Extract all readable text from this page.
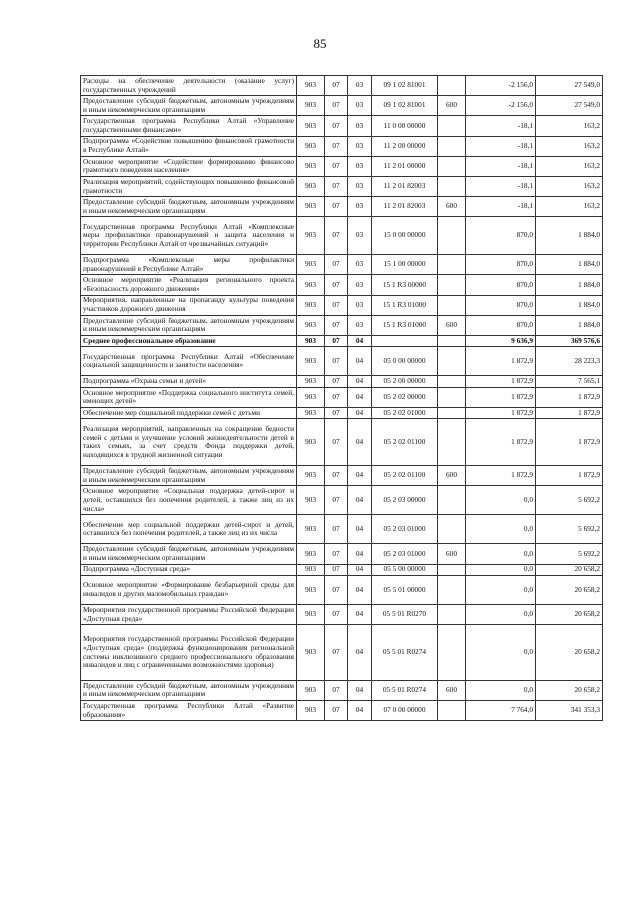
85
Расходы на обеспечение деятельности (оказание услуг) государственных учреждений	903	07	03	09 1 02 81001		-2 156,0	27 549,0
Предоставление субсидий бюджетным, автономным учреждениям и иным некоммерческим организациям	903	07	03	09 1 02 81001	600	-2 156,0	27 549,0
Государственная программа Республики Алтай «Управление государственными финансами»	903	07	03	11 0 00 00000		-18,1	163,2
Подпрограмма «Содействие повышению финансовой грамотности в Республике Алтай»	903	07	03	11 2 00 00000		-18,1	163,2
Основное мероприятие «Содействие формированию финансово грамотного поведения населения»	903	07	03	11 2 01 00000		-18,1	163,2
Реализация мероприятий, содействующих повышению финансовой грамотности	903	07	03	11 2 01 82003		-18,1	163,2
Предоставление субсидий бюджетным, автономным учреждениям и иным некоммерческим организациям	903	07	03	11 2 01 82003	600	-18,1	163,2
Государственная программа Республики Алтай «Комплексные меры профилактики правонарушений и защита населения и территории Республики Алтай от чрезвычайных ситуаций»	903	07	03	15 0 00 00000		870,0	1 884,0
Подпрограмма «Комплексные меры профилактики правонарушений в Республике Алтай»	903	07	03	15 1 00 00000		870,0	1 884,0
Основное мероприятие «Реализация регионального проекта «Безопасность дорожного движения»	903	07	03	15 1 R3 00000		870,0	1 884,0
Мероприятия, направленные на пропаганду культуры поведения участников дорожного движения	903	07	03	15 1 R3 01000		870,0	1 884,0
Предоставление субсидий бюджетным, автономным учреждениям и иным некоммерческим организациям	903	07	03	15 1 R3 01000	600	870,0	1 884,0
Среднее профессиональное образование	903	07	04			9 636,9	369 576,6
Государственная программа Республики Алтай «Обеспечение социальной защищенности и занятости населения»	903	07	04	05 0 00 00000		1 872,9	28 223,3
Подпрограмма «Охрана семьи и детей»	903	07	04	05 2 00 00000		1 872,9	7 565,1
Основное мероприятие «Поддержка социального института семей, имеющих детей»	903	07	04	05 2 02 00000		1 872,9	1 872,9
Обеспечение мер социальной поддержки семей с детьми	903	07	04	05 2 02 01000		1 872,9	1 872,9
Реализация мероприятий, направленных на сокращение бедности семей с детьми и улучшение условий жизнедеятельности детей в таких семьях, за счет средств Фонда поддержки детей, находящихся в трудной жизненной ситуации	903	07	04	05 2 02 01100		1 872,9	1 872,9
Предоставление субсидий бюджетным, автономным учреждениям и иным некоммерческим организациям	903	07	04	05 2 02 01100	600	1 872,9	1 872,9
Основное мероприятие «Социальная поддержка детей-сирот и детей, оставшихся без попечения родителей, а также лиц из их числа»	903	07	04	05 2 03 00000		0,0	5 692,2
Обеспечение мер социальной поддержки детей-сирот и детей, оставшихся без попечения родителей, а также лиц из их числа	903	07	04	05 2 03 01000		0,0	5 692,2
Предоставление субсидий бюджетным, автономным учреждениям и иным некоммерческим организациям	903	07	04	05 2 03 01000	600	0,0	5 692,2
Подпрограмма «Доступная среда»	903	07	04	05 5 00 00000		0,0	20 658,2
Основное мероприятие «Формирование безбарьерной среды для инвалидов и других маломобильных граждан»	903	07	04	05 5 01 00000		0,0	20 658,2
Мероприятия государственной программы Российской Федерации «Доступная среда»	903	07	04	05 5 01 R0270		0,0	20 658,2
Мероприятия государственной программы Российской Федерации «Доступная среда» (поддержка функционирования региональной системы инклюзивного среднего профессионального образования инвалидов и лиц с ограниченными возможностями здоровья)	903	07	04	05 5 01 R0274		0,0	20 658,2
Предоставление субсидий бюджетным, автономным учреждениям и иным некоммерческим организациям	903	07	04	05 5 01 R0274	600	0,0	20 658,2
Государственная программа Республики Алтай «Развитие образования»	903	07	04	07 0 00 00000		7 764,0	341 353,3
